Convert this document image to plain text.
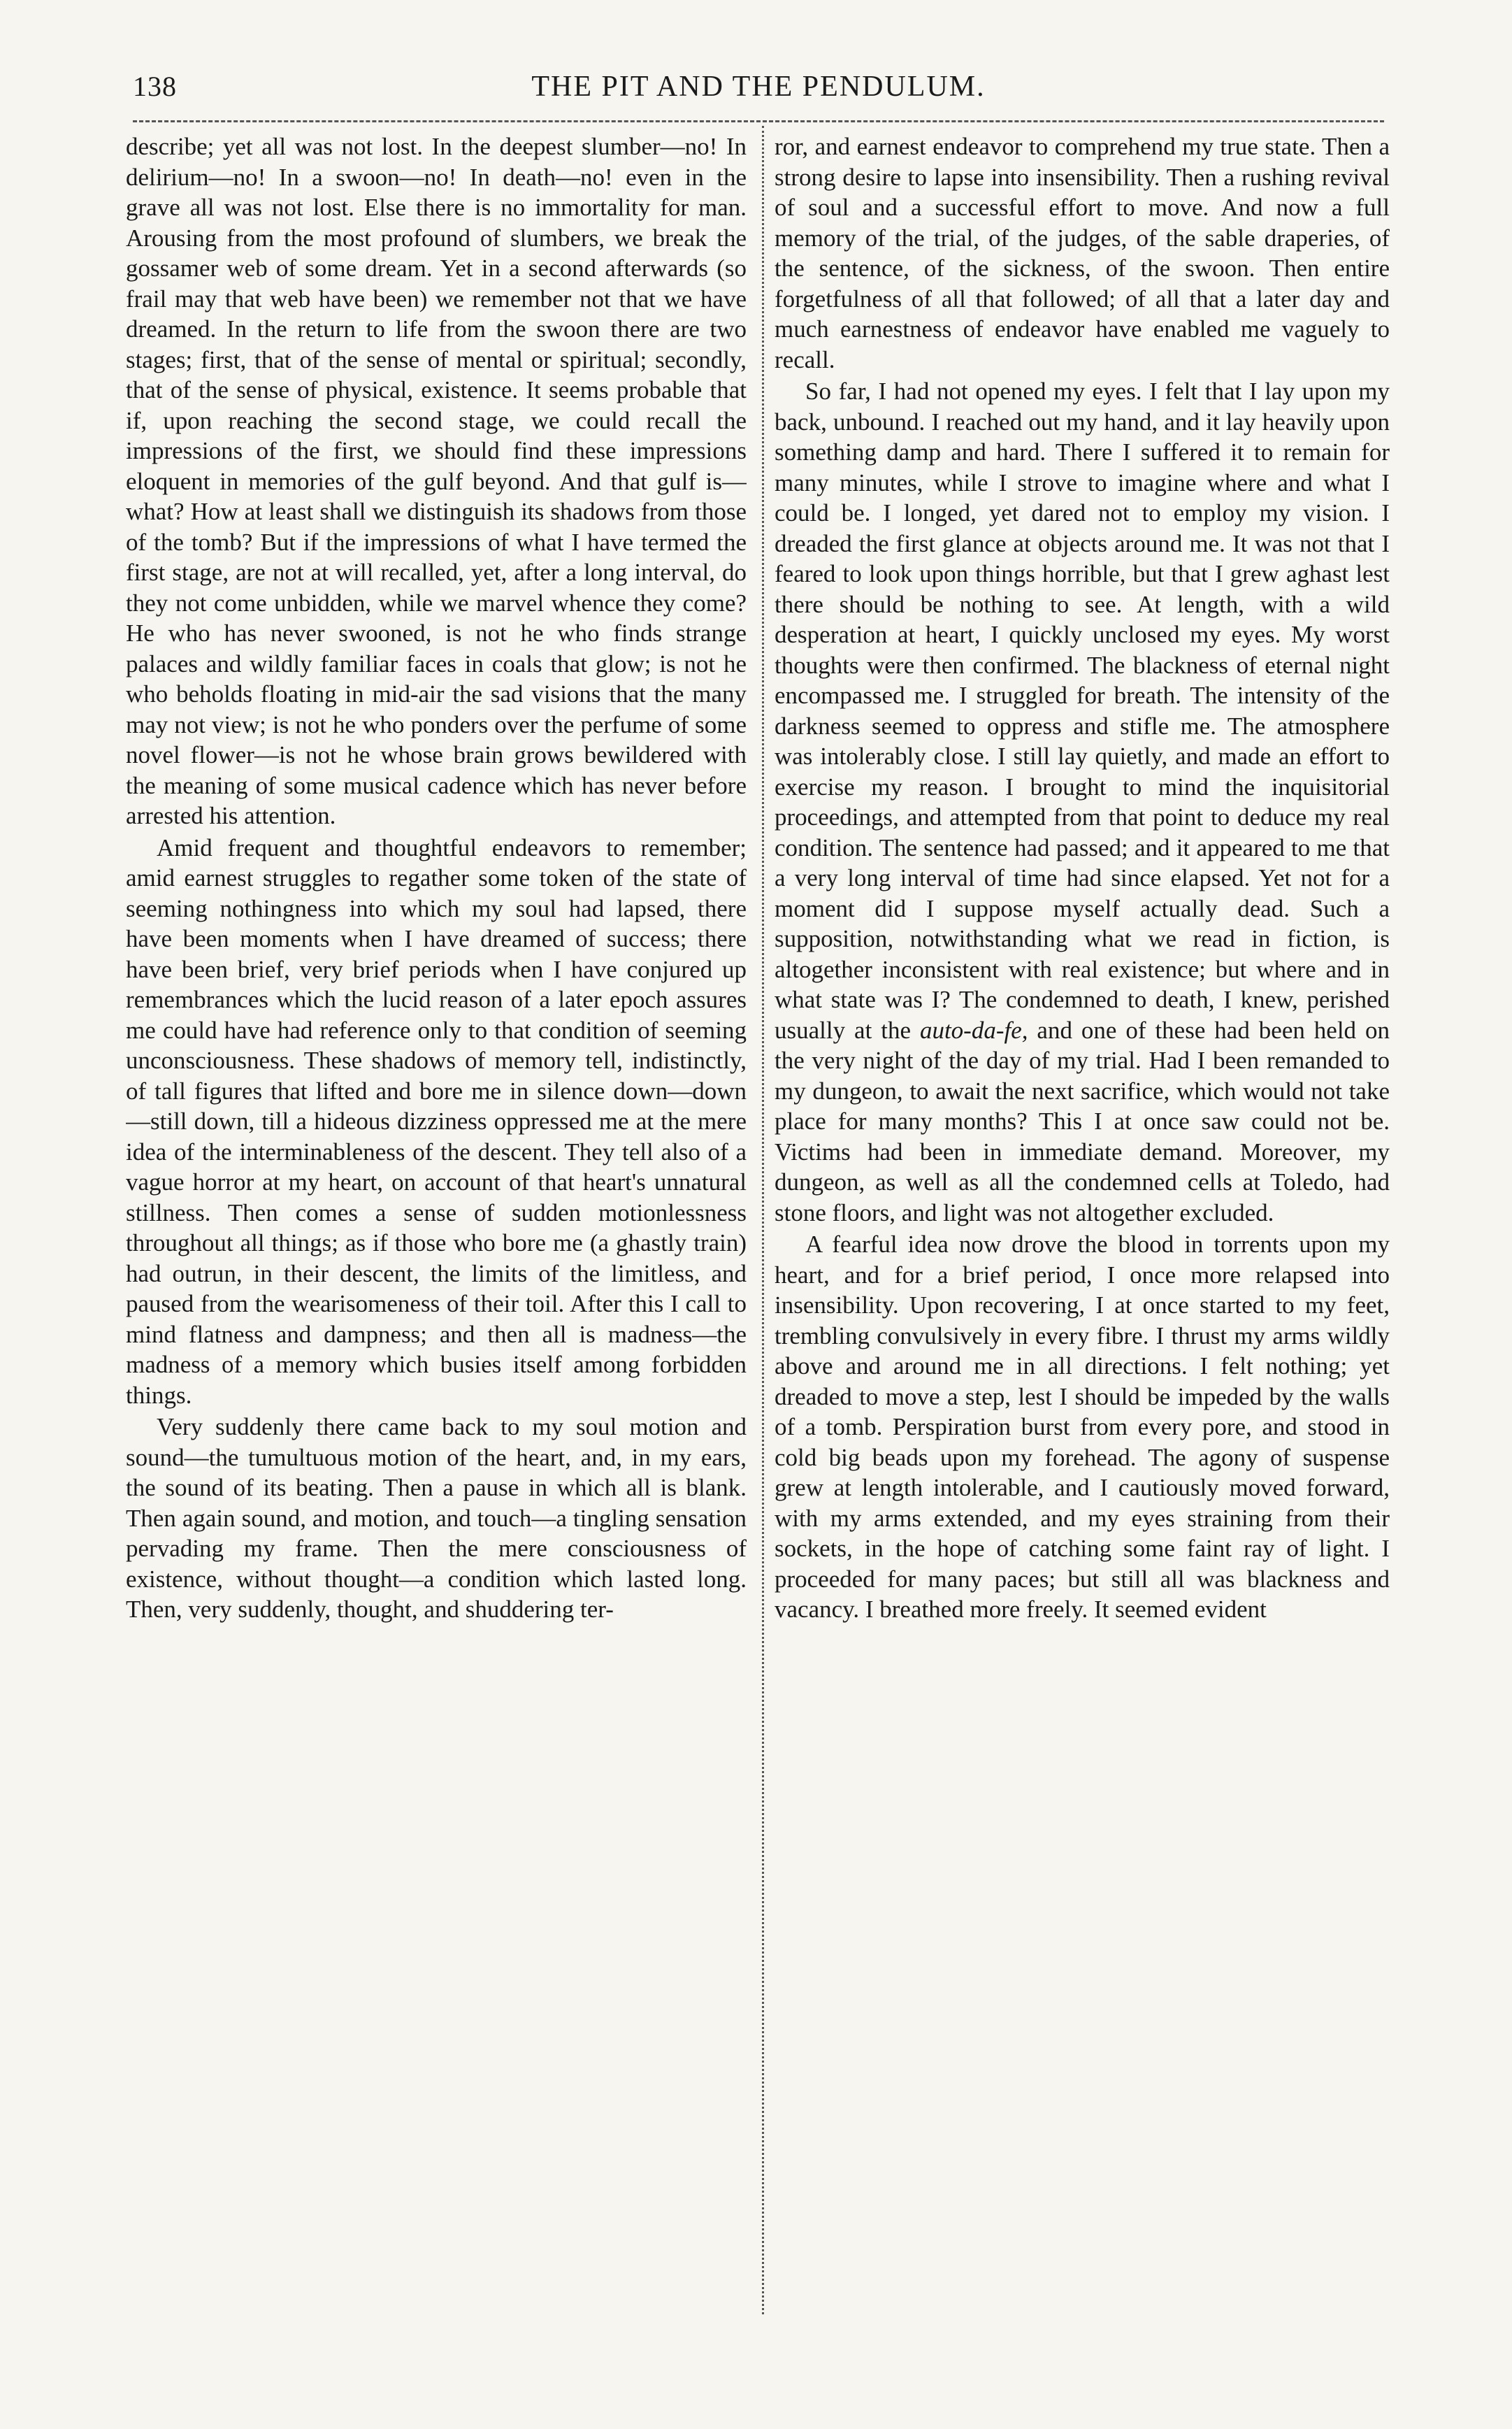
138	THE PIT AND THE PENDULUM.

describe; yet all was not lost. In the deepest slumber—no! In delirium—no! In a swoon—no! In death—no! even in the grave all was not lost. Else there is no immortality for man. Arousing from the most profound of slumbers, we break the gossamer web of some dream. Yet in a second afterwards (so frail may that web have been) we remember not that we have dreamed. In the return to life from the swoon there are two stages; first, that of the sense of mental or spiritual; secondly, that of the sense of physical, existence. It seems probable that if, upon reaching the second stage, we could recall the impressions of the first, we should find these impressions eloquent in memories of the gulf beyond. And that gulf is—what? How at least shall we distinguish its shadows from those of the tomb? But if the impressions of what I have termed the first stage, are not at will recalled, yet, after a long interval, do they not come unbidden, while we marvel whence they come? He who has never swooned, is not he who finds strange palaces and wildly familiar faces in coals that glow; is not he who beholds floating in mid-air the sad visions that the many may not view; is not he who ponders over the perfume of some novel flower—is not he whose brain grows bewildered with the meaning of some musical cadence which has never before arrested his attention.

Amid frequent and thoughtful endeavors to remember; amid earnest struggles to regather some token of the state of seeming nothingness into which my soul had lapsed, there have been moments when I have dreamed of success; there have been brief, very brief periods when I have conjured up remembrances which the lucid reason of a later epoch assures me could have had reference only to that condition of seeming unconsciousness. These shadows of memory tell, indistinctly, of tall figures that lifted and bore me in silence down—down—still down, till a hideous dizziness oppressed me at the mere idea of the interminableness of the descent. They tell also of a vague horror at my heart, on account of that heart's unnatural stillness. Then comes a sense of sudden motionlessness throughout all things; as if those who bore me (a ghastly train) had outrun, in their descent, the limits of the limitless, and paused from the wearisomeness of their toil. After this I call to mind flatness and dampness; and then all is madness—the madness of a memory which busies itself among forbidden things.

Very suddenly there came back to my soul motion and sound—the tumultuous motion of the heart, and, in my ears, the sound of its beating. Then a pause in which all is blank. Then again sound, and motion, and touch—a tingling sensation pervading my frame. Then the mere consciousness of existence, without thought—a condition which lasted long. Then, very suddenly, thought, and shuddering ter-

ror, and earnest endeavor to comprehend my true state. Then a strong desire to lapse into insensibility. Then a rushing revival of soul and a successful effort to move. And now a full memory of the trial, of the judges, of the sable draperies, of the sentence, of the sickness, of the swoon. Then entire forgetfulness of all that followed; of all that a later day and much earnestness of endeavor have enabled me vaguely to recall.

So far, I had not opened my eyes. I felt that I lay upon my back, unbound. I reached out my hand, and it lay heavily upon something damp and hard. There I suffered it to remain for many minutes, while I strove to imagine where and what I could be. I longed, yet dared not to employ my vision. I dreaded the first glance at objects around me. It was not that I feared to look upon things horrible, but that I grew aghast lest there should be nothing to see. At length, with a wild desperation at heart, I quickly unclosed my eyes. My worst thoughts were then confirmed. The blackness of eternal night encompassed me. I struggled for breath. The intensity of the darkness seemed to oppress and stifle me. The atmosphere was intolerably close. I still lay quietly, and made an effort to exercise my reason. I brought to mind the inquisitorial proceedings, and attempted from that point to deduce my real condition. The sentence had passed; and it appeared to me that a very long interval of time had since elapsed. Yet not for a moment did I suppose myself actually dead. Such a supposition, notwithstanding what we read in fiction, is altogether inconsistent with real existence; but where and in what state was I? The condemned to death, I knew, perished usually at the auto-da-fe, and one of these had been held on the very night of the day of my trial. Had I been remanded to my dungeon, to await the next sacrifice, which would not take place for many months? This I at once saw could not be. Victims had been in immediate demand. Moreover, my dungeon, as well as all the condemned cells at Toledo, had stone floors, and light was not altogether excluded.

A fearful idea now drove the blood in torrents upon my heart, and for a brief period, I once more relapsed into insensibility. Upon recovering, I at once started to my feet, trembling convulsively in every fibre. I thrust my arms wildly above and around me in all directions. I felt nothing; yet dreaded to move a step, lest I should be impeded by the walls of a tomb. Perspiration burst from every pore, and stood in cold big beads upon my forehead. The agony of suspense grew at length intolerable, and I cautiously moved forward, with my arms extended, and my eyes straining from their sockets, in the hope of catching some faint ray of light. I proceeded for many paces; but still all was blackness and vacancy. I breathed more freely. It seemed evident
